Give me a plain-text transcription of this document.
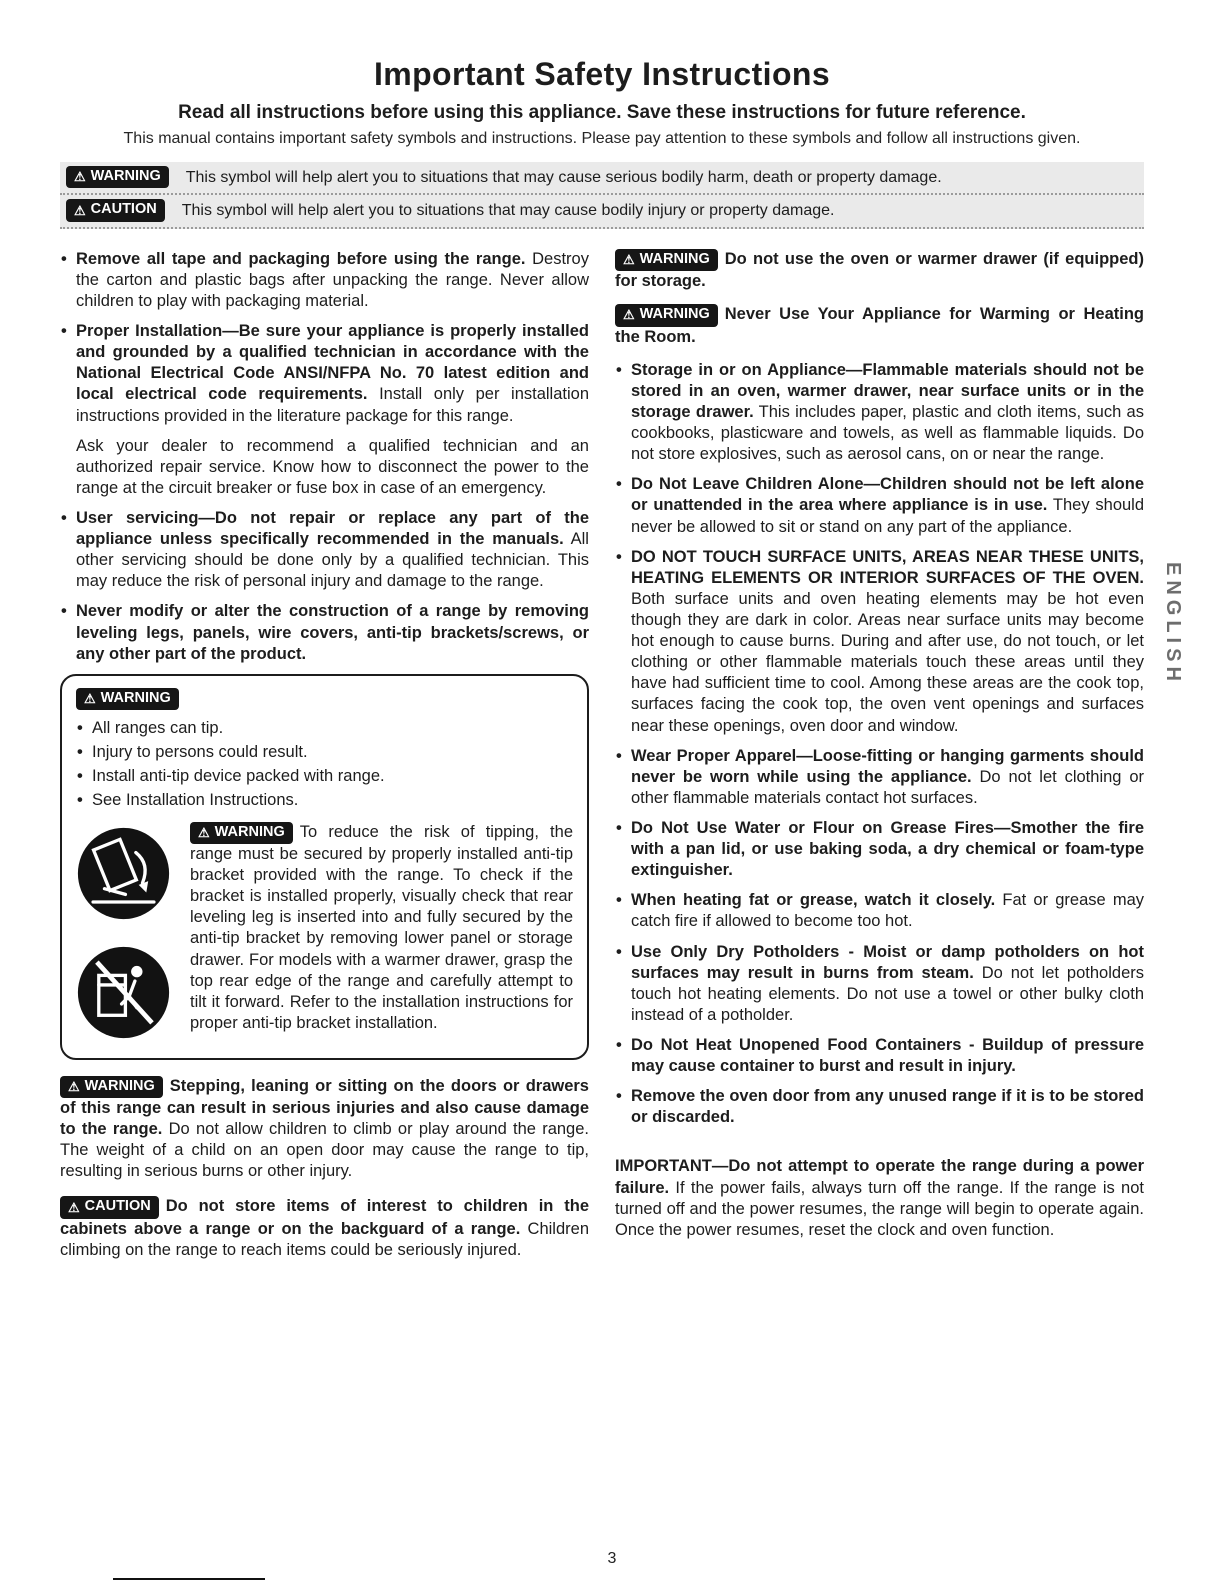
Important Safety Instructions
Read all instructions before using this appliance. Save these instructions for future reference.

This manual contains important safety symbols and instructions. Please pay attention to these symbols and follow all instructions given.

⚠ WARNING This symbol will help alert you to situations that may cause serious bodily harm, death or property damage.
⚠ CAUTION This symbol will help alert you to situations that may cause bodily injury or property damage.

• Remove all tape and packaging before using the range. Destroy the carton and plastic bags after unpacking the range. Never allow children to play with packaging material.

• Proper Installation—Be sure your appliance is properly installed and grounded by a qualified technician in accordance with the National Electrical Code ANSI/NFPA No. 70 latest edition and local electrical code requirements. Install only per installation instructions provided in the literature package for this range.

Ask your dealer to recommend a qualified technician and an authorized repair service. Know how to disconnect the power to the range at the circuit breaker or fuse box in case of an emergency.

• User servicing—Do not repair or replace any part of the appliance unless specifically recommended in the manuals. All other servicing should be done only by a qualified technician. This may reduce the risk of personal injury and damage to the range.

• Never modify or alter the construction of a range by removing leveling legs, panels, wire covers, anti-tip brackets/screws, or any other part of the product.

⚠ WARNING

• All ranges can tip.

• Injury to persons could result.

• Install anti-tip device packed with range.

• See Installation Instructions.

⚠ WARNING To reduce the risk of tipping, the range must be secured by properly installed anti-tip bracket provided with the range. To check if the bracket is installed properly, visually check that rear leveling leg is inserted into and fully secured by the anti-tip bracket by removing lower panel or storage drawer. For models with a warmer drawer, grasp the top rear edge of the range and carefully attempt to tilt it forward. Refer to the installation instructions for proper anti-tip bracket installation.

⚠ WARNING Stepping, leaning or sitting on the doors or drawers of this range can result in serious injuries and also cause damage to the range. Do not allow children to climb or play around the range. The weight of a child on an open door may cause the range to tip, resulting in serious burns or other injury.

⚠ CAUTION Do not store items of interest to children in the cabinets above a range or on the backguard of a range. Children climbing on the range to reach items could be seriously injured.

⚠ WARNING Do not use the oven or warmer drawer (if equipped) for storage.

⚠ WARNING Never Use Your Appliance for Warming or Heating the Room.

• Storage in or on Appliance—Flammable materials should not be stored in an oven, warmer drawer, near surface units or in the storage drawer. This includes paper, plastic and cloth items, such as cookbooks, plasticware and towels, as well as flammable liquids. Do not store explosives, such as aerosol cans, on or near the range.

• Do Not Leave Children Alone—Children should not be left alone or unattended in the area where appliance is in use. They should never be allowed to sit or stand on any part of the appliance.

• DO NOT TOUCH SURFACE UNITS, AREAS NEAR THESE UNITS, HEATING ELEMENTS OR INTERIOR SURFACES OF THE OVEN. Both surface units and oven heating elements may be hot even though they are dark in color. Areas near surface units may become hot enough to cause burns. During and after use, do not touch, or let clothing or other flammable materials touch these areas until they have had sufficient time to cool. Among these areas are the cook top, surfaces facing the cook top, the oven vent openings and surfaces near these openings, oven door and window.

• Wear Proper Apparel—Loose-fitting or hanging garments should never be worn while using the appliance. Do not let clothing or other flammable materials contact hot surfaces.

• Do Not Use Water or Flour on Grease Fires—Smother the fire with a pan lid, or use baking soda, a dry chemical or foam-type extinguisher.

• When heating fat or grease, watch it closely. Fat or grease may catch fire if allowed to become too hot.

• Use Only Dry Potholders - Moist or damp potholders on hot surfaces may result in burns from steam. Do not let potholders touch hot heating elements. Do not use a towel or other bulky cloth instead of a potholder.

• Do Not Heat Unopened Food Containers - Buildup of pressure may cause container to burst and result in injury.

• Remove the oven door from any unused range if it is to be stored or discarded.

IMPORTANT—Do not attempt to operate the range during a power failure. If the power fails, always turn off the range. If the range is not turned off and the power resumes, the range will begin to operate again. Once the power resumes, reset the clock and oven function.

ENGLISH
3
